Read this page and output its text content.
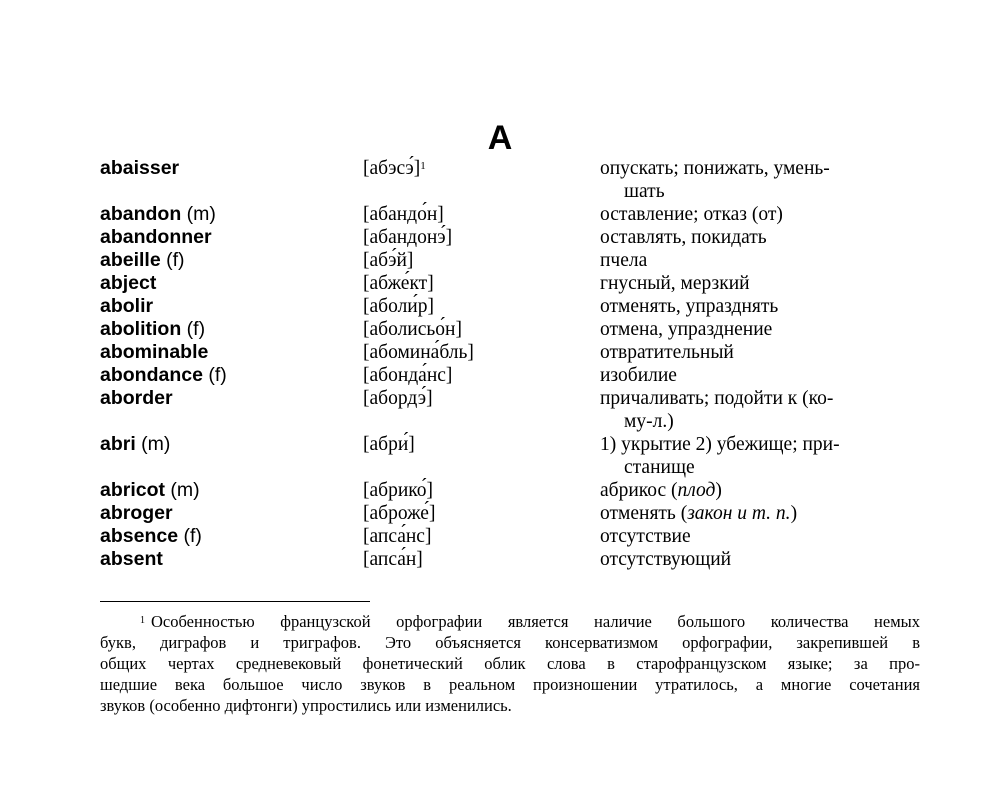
A
abaisser	[абэсэ́]$^1$	опускать; понижать, умень-
шать
abandon (m)	[абандо́н]	оставление; отказ (от)
abandonner	[абандонэ́]	оставлять, покидать
abeille (f)	[абэ́й]	пчела
abject	[абже́кт]	гнусный, мерзкий
abolir	[аболи́р]	отменять, упразднять
abolition (f)	[аболисьо́н]	отмена, упразднение
abominable	[абомина́бль]	отвратительный
abondance (f)	[абонда́нс]	изобилие
aborder	[абордэ́]	причаливать; подойти к (ко-
му-л.)
abri (m)	[абри́]	1) укрытие 2) убежище; при-
станище
abricot (m)	[абрико́]	абрикос (плод)
abroger	[аброже́]	отменять (закон и т. п.)
absence (f)	[апса́нс]	отсутствие
absent	[апса́н]	отсутствующий
$^1$ Особенностью французской орфографии является наличие большого количества немых
букв, диграфов и триграфов. Это объясняется консерватизмом орфографии, закрепившей в
общих чертах средневековый фонетический облик слова в старофранцузском языке; за про-
шедшие века большое число звуков в реальном произношении утратилось, а многие сочетания
звуков (особенно дифтонги) упростились или изменились.
